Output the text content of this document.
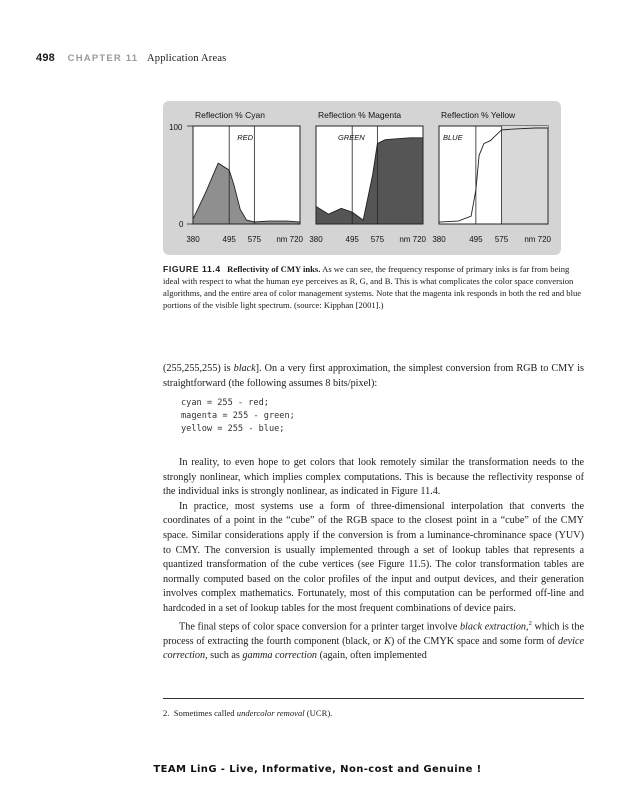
498 CHAPTER 11 Application Areas
Reflection % Cyan
RED
380	495 575 nm 720
Reflection % Magenta
GREEN
380	495 575 nm 720
Reflection % Yellow
BLUE
380	495 575 nm 720
100
0
FIGURE 11.4 Reflectivity of CMY inks. As we can see, the frequency response of primary inks is far from being ideal with respect to what the human eye perceives as R, G, and B. This is what complicates the color space conversion algorithms, and the entire area of color management systems. Note that the magenta ink responds in both the red and blue portions of the visible light spectrum. (source: Kipphan [2001].)

(255,255,255) is black]. On a very first approximation, the simplest conversion from RGB to CMY is straightforward (the following assumes 8 bits/pixel):

cyan = 255 - red;
magenta = 255 - green;
yellow = 255 - blue;

In reality, to even hope to get colors that look remotely similar the transformation needs to the strongly nonlinear, which implies complex computations. This is because the reflectivity response of the individual inks is strongly nonlinear, as indicated in Figure 11.4.

In practice, most systems use a form of three-dimensional interpolation that converts the coordinates of a point in the “cube” of the RGB space to the closest point in a “cube” of the CMY space. Similar considerations apply if the conversion is from a luminance-chrominance space (YUV) to CMY. The conversion is usually implemented through a set of lookup tables that represents a quantized transformation of the cube vertices (see Figure 11.5). The color transformation tables are normally computed based on the color profiles of the input and output devices, and their generation involves complex mathematics. Fortunately, most of this computation can be performed off-line and hardcoded in a set of lookup tables for the most frequent combinations of device pairs.

The final steps of color space conversion for a printer target involve black extraction,$^2$ which is the process of extracting the fourth component (black, or K) of the CMYK space and some form of device correction, such as gamma correction (again, often implemented

2. Sometimes called undercolor removal (UCR).
TEAM LinG - Live, Informative, Non-cost and Genuine !
